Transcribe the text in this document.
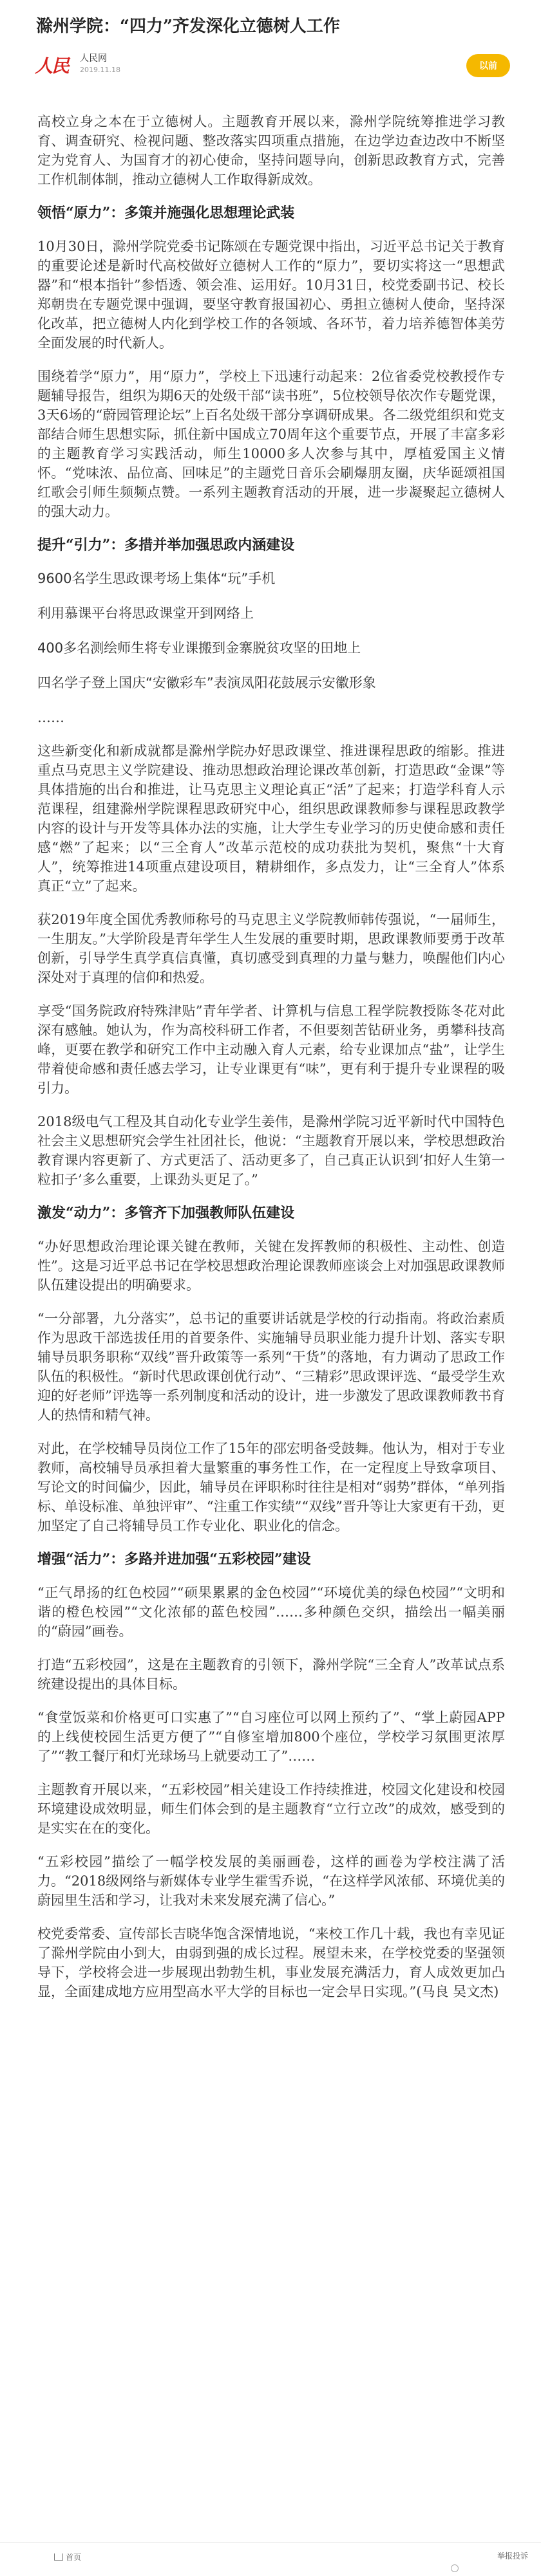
滁州学院：“四力”齐发深化立德树人工作
人民 人民网
2019.11.18	以前

高校立身之本在于立德树人。主题教育开展以来，滁州学院统筹推进学习教育、调查研究、检视问题、整改落实四项重点措施，在边学边查边改中不断坚定为党育人、为国育才的初心使命，坚持问题导向，创新思政教育方式，完善工作机制体制，推动立德树人工作取得新成效。

领悟“原力”：多策并施强化思想理论武装

10月30日，滁州学院党委书记陈颂在专题党课中指出，习近平总书记关于教育的重要论述是新时代高校做好立德树人工作的“原力”，要切实将这一“思想武器”和“根本指针”参悟透、领会准、运用好。10月31日，校党委副书记、校长郑朝贵在专题党课中强调，要坚守教育报国初心、勇担立德树人使命，坚持深化改革，把立德树人内化到学校工作的各领域、各环节，着力培养德智体美劳全面发展的时代新人。

围绕着学“原力”，用“原力”，学校上下迅速行动起来：2位省委党校教授作专题辅导报告，组织为期6天的处级干部“读书班”，5位校领导依次作专题党课，3天6场的“蔚园管理论坛”上百名处级干部分享调研成果。各二级党组织和党支部结合师生思想实际，抓住新中国成立70周年这个重要节点，开展了丰富多彩的主题教育学习实践活动，师生10000多人次参与其中，厚植爱国主义情怀。“党味浓、品位高、回味足”的主题党日音乐会刷爆朋友圈，庆华诞颂祖国红歌会引师生频频点赞。一系列主题教育活动的开展，进一步凝聚起立德树人的强大动力。

提升“引力”：多措并举加强思政内涵建设

9600名学生思政课考场上集体“玩”手机

利用慕课平台将思政课堂开到网络上

400多名测绘师生将专业课搬到金寨脱贫攻坚的田地上

四名学子登上国庆“安徽彩车”表演凤阳花鼓展示安徽形象

……

这些新变化和新成就都是滁州学院办好思政课堂、推进课程思政的缩影。推进重点马克思主义学院建设、推动思想政治理论课改革创新，打造思政“金课”等具体措施的出台和推进，让马克思主义理论真正“活”了起来；打造学科育人示范课程，组建滁州学院课程思政研究中心，组织思政课教师参与课程思政教学内容的设计与开发等具体办法的实施，让大学生专业学习的历史使命感和责任感“燃”了起来；以“三全育人”改革示范校的成功获批为契机，聚焦“十大育人”，统筹推进14项重点建设项目，精耕细作，多点发力，让“三全育人”体系真正“立”了起来。

获2019年度全国优秀教师称号的马克思主义学院教师韩传强说，“一届师生，一生朋友。”大学阶段是青年学生人生发展的重要时期，思政课教师要勇于改革创新，引导学生真学真信真懂，真切感受到真理的力量与魅力，唤醒他们内心深处对于真理的信仰和热爱。

享受“国务院政府特殊津贴”青年学者、计算机与信息工程学院教授陈冬花对此深有感触。她认为，作为高校科研工作者，不但要刻苦钻研业务，勇攀科技高峰，更要在教学和研究工作中主动融入育人元素，给专业课加点“盐”，让学生带着使命感和责任感去学习，让专业课更有“味”，更有利于提升专业课程的吸引力。

2018级电气工程及其自动化专业学生姜伟，是滁州学院习近平新时代中国特色社会主义思想研究会学生社团社长，他说：“主题教育开展以来，学校思想政治教育课内容更新了、方式更活了、活动更多了，自己真正认识到‘扣好人生第一粒扣子’多么重要，上课劲头更足了。”

激发“动力”：多管齐下加强教师队伍建设

“办好思想政治理论课关键在教师，关键在发挥教师的积极性、主动性、创造性”。这是习近平总书记在学校思想政治理论课教师座谈会上对加强思政课教师队伍建设提出的明确要求。

“一分部署，九分落实”，总书记的重要讲话就是学校的行动指南。将政治素质作为思政干部选拔任用的首要条件、实施辅导员职业能力提升计划、落实专职辅导员职务职称“双线”晋升政策等一系列“干货”的落地，有力调动了思政工作队伍的积极性。“新时代思政课创优行动”、“三精彩”思政课评选、“最受学生欢迎的好老师”评选等一系列制度和活动的设计，进一步激发了思政课教师教书育人的热情和精气神。

对此，在学校辅导员岗位工作了15年的邵宏明备受鼓舞。他认为，相对于专业教师，高校辅导员承担着大量繁重的事务性工作，在一定程度上导致拿项目、写论文的时间偏少，因此，辅导员在评职称时往往是相对“弱势”群体，“单列指标、单设标准、单独评审”、“注重工作实绩”“双线”晋升等让大家更有干劲，更加坚定了自己将辅导员工作专业化、职业化的信念。

增强“活力”：多路并进加强“五彩校园”建设

“正气昂扬的红色校园”“硕果累累的金色校园”“环境优美的绿色校园”“文明和谐的橙色校园”“文化浓郁的蓝色校园”……多种颜色交织，描绘出一幅美丽的“蔚园”画卷。

打造“五彩校园”，这是在主题教育的引领下，滁州学院“三全育人”改革试点系统建设提出的具体目标。

“食堂饭菜和价格更可口实惠了”“自习座位可以网上预约了”、“掌上蔚园APP的上线使校园生活更方便了”“自修室增加800个座位，学校学习氛围更浓厚了”“教工餐厅和灯光球场马上就要动工了”……

主题教育开展以来，“五彩校园”相关建设工作持续推进，校园文化建设和校园环境建设成效明显，师生们体会到的是主题教育“立行立改”的成效，感受到的是实实在在的变化。

“五彩校园”描绘了一幅学校发展的美丽画卷，这样的画卷为学校注满了活力。“2018级网络与新媒体专业学生霍雪乔说，“在这样学风浓郁、环境优美的蔚园里生活和学习，让我对未来发展充满了信心。”

校党委常委、宣传部长吉晓华饱含深情地说，“来校工作几十载，我也有幸见证了滁州学院由小到大，由弱到强的成长过程。展望未来，在学校党委的坚强领导下，学校将会进一步展现出勃勃生机，事业发展充满活力，育人成效更加凸显，全面建成地方应用型高水平大学的目标也一定会早日实现。”(马良 吴文杰)

首页	举报投诉
